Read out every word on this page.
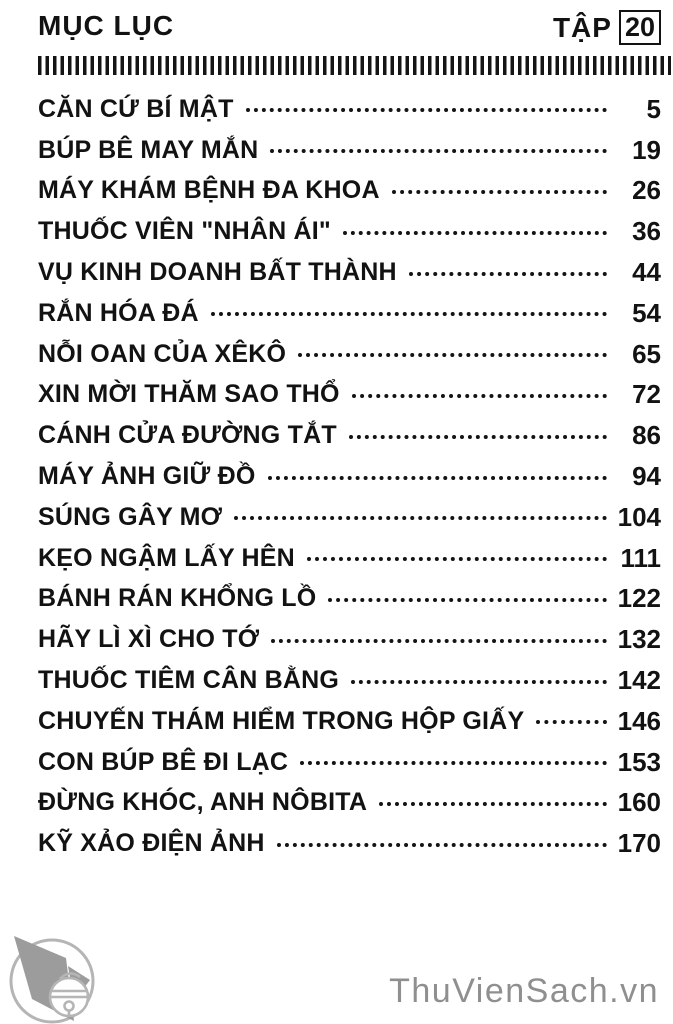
MỤC LỤC	TẬP 20
CĂN CỨ BÍ MẬT	5
BÚP BÊ MAY MẮN	19
MÁY KHÁM BỆNH ĐA KHOA	26
THUỐC VIÊN "NHÂN ÁI"	36
VỤ KINH DOANH BẤT THÀNH	44
RẮN HÓA ĐÁ	54
NỖI OAN CỦA XÊKÔ	65
XIN MỜI THĂM SAO THỔ	72
CÁNH CỬA ĐƯỜNG TẮT	86
MÁY ẢNH GIỮ ĐỒ	94
SÚNG GÂY MƠ	104
KẸO NGẬM LẤY HÊN	111
BÁNH RÁN KHỔNG LỒ	122
HÃY LÌ XÌ CHO TỚ	132
THUỐC TIÊM CÂN BẰNG	142
CHUYẾN THÁM HIỂM TRONG HỘP GIẤY	146
CON BÚP BÊ ĐI LẠC	153
ĐỪNG KHÓC, ANH NÔBITA	160
KỸ XẢO ĐIỆN ẢNH	170
ThuVienSach.vn
